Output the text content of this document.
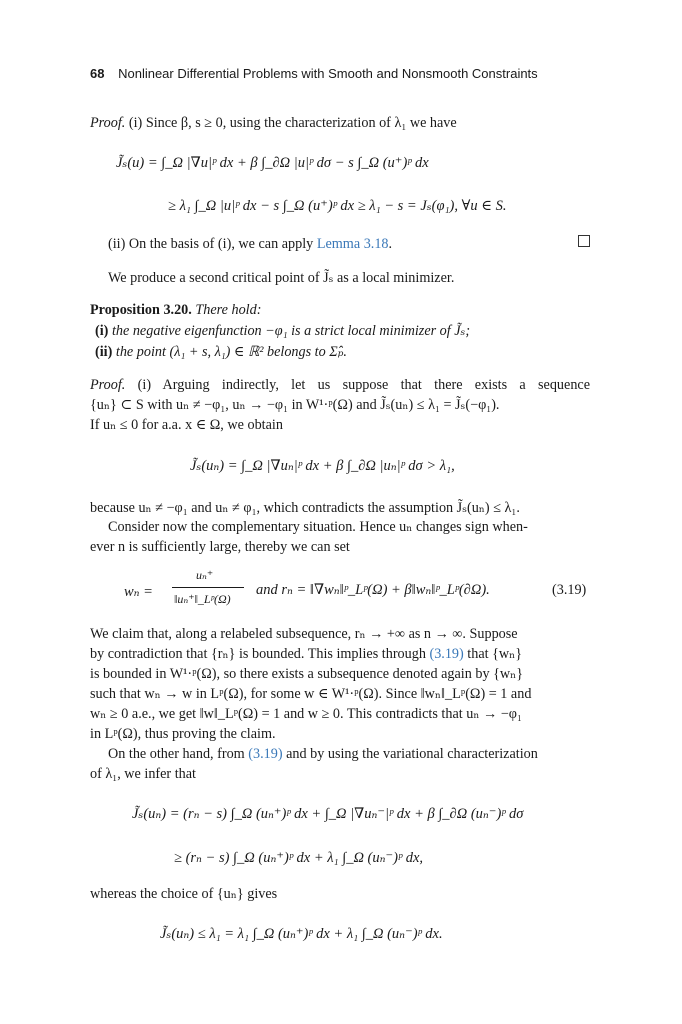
68 Nonlinear Differential Problems with Smooth and Nonsmooth Constraints
Proof. (i) Since β, s ≥ 0, using the characterization of λ₁ we have
J̃ₛ(u) = ∫_Ω |∇u|ᵖ dx + β ∫_∂Ω |u|ᵖ dσ − s ∫_Ω (u⁺)ᵖ dx
≥ λ₁ ∫_Ω |u|ᵖ dx − s ∫_Ω (u⁺)ᵖ dx ≥ λ₁ − s = Jₛ(φ₁), ∀u ∈ S.
(ii) On the basis of (i), we can apply Lemma 3.18.
We produce a second critical point of J̃ₛ as a local minimizer.
Proposition 3.20. There hold:
(i) the negative eigenfunction −φ₁ is a strict local minimizer of J̃ₛ;
(ii) the point (λ₁ + s, λ₁) ∈ ℝ² belongs to Σ̂ₚ.
Proof. (i) Arguing indirectly, let us suppose that there exists a sequence
{uₙ} ⊂ S with uₙ ≠ −φ₁, uₙ → −φ₁ in W¹·ᵖ(Ω) and J̃ₛ(uₙ) ≤ λ₁ = J̃ₛ(−φ₁).
If uₙ ≤ 0 for a.a. x ∈ Ω, we obtain
J̃ₛ(uₙ) = ∫_Ω |∇uₙ|ᵖ dx + β ∫_∂Ω |uₙ|ᵖ dσ > λ₁,
because uₙ ≠ −φ₁ and uₙ ≠ φ₁, which contradicts the assumption J̃ₛ(uₙ) ≤ λ₁.
Consider now the complementary situation. Hence uₙ changes sign when-
ever n is sufficiently large, thereby we can set
wₙ =
uₙ⁺
‖uₙ⁺‖_Lᵖ(Ω)
and rₙ = ‖∇wₙ‖ᵖ_Lᵖ(Ω) + β‖wₙ‖ᵖ_Lᵖ(∂Ω).	(3.19)
We claim that, along a relabeled subsequence, rₙ → +∞ as n → ∞. Suppose
by contradiction that {rₙ} is bounded. This implies through (3.19) that {wₙ}
is bounded in W¹·ᵖ(Ω), so there exists a subsequence denoted again by {wₙ}
such that wₙ → w in Lᵖ(Ω), for some w ∈ W¹·ᵖ(Ω). Since ‖wₙ‖_Lᵖ(Ω) = 1 and
wₙ ≥ 0 a.e., we get ‖w‖_Lᵖ(Ω) = 1 and w ≥ 0. This contradicts that uₙ → −φ₁
in Lᵖ(Ω), thus proving the claim.
On the other hand, from (3.19) and by using the variational characterization
of λ₁, we infer that
J̃ₛ(uₙ) = (rₙ − s) ∫_Ω (uₙ⁺)ᵖ dx + ∫_Ω |∇uₙ⁻|ᵖ dx + β ∫_∂Ω (uₙ⁻)ᵖ dσ
≥ (rₙ − s) ∫_Ω (uₙ⁺)ᵖ dx + λ₁ ∫_Ω (uₙ⁻)ᵖ dx,
whereas the choice of {uₙ} gives
J̃ₛ(uₙ) ≤ λ₁ = λ₁ ∫_Ω (uₙ⁺)ᵖ dx + λ₁ ∫_Ω (uₙ⁻)ᵖ dx.
